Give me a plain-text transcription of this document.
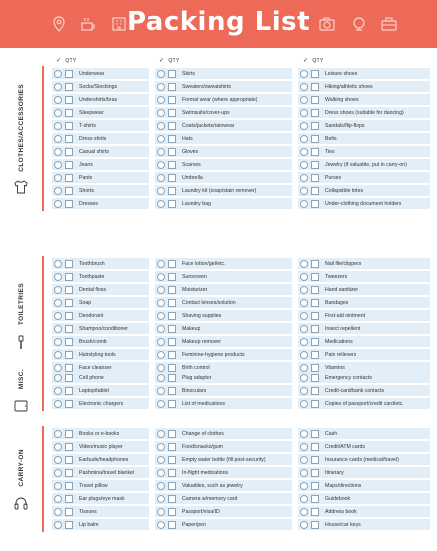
Packing List
✓ QTY	✓ QTY	✓ QTY
CLOTHES/ACCESSORIES
Underwear
Socks/Stockings
Undershirts/bras
Sleepwear
T-shirts
Dress shirts
Casual shirts
Jeans
Pants
Shorts
Dresses
Skirts
Sweaters/sweatshirts
Formal wear (where appropriate)
Swimsuits/cover-ups
Coats/jackets/rainwear
Hats
Gloves
Scarves
Umbrella
Laundry kit (soap/stain remover)
Laundry bag
Leisure shoes
Hiking/athletic shoes
Walking shoes
Dress shoes (suitable for dancing)
Sandals/flip-flops
Belts
Ties
Jewelry (if valuable, put in carry-on)
Purses
Collapsible totes
Under-clothing document holders
TOILETRIES
Toothbrush
Toothpaste
Dental floss
Soap
Deodorant
Shampoo/conditioner
Brush/comb
Hairstyling tools
Face cleanser
Face lotion/gel/etc.
Sunscreen
Moisturizer
Contact lenses/solution
Shaving supplies
Makeup
Makeup remover
Feminine-hygiene products
Birth control
Nail file/clippers
Tweezers
Hand sanitizer
Bandages
First-aid ointment
Insect repellent
Medications
Pain relievers
Vitamins
MISC.	Cell phone
Laptop/tablet
Electronic chargers
Plug adaptor
Binoculars
List of medications
Emergency contacts
Credit-card/bank contacts
Copies of passport/credit card/etc.
CARRY-ON
Books or e-books
Video/music player
Earbuds/headphones
Pashmina/travel blanket
Travel pillow
Ear plugs/eye mask
Tissues
Lip balm
Change of clothes
Food/snacks/gum
Empty water bottle (fill post-security)
In-flight medications
Valuables, such as jewelry
Camera w/memory card
Passport/visa/ID
Paper/pen
Cash
Credit/ATM cards
Insurance cards (medical/travel)
Itinerary
Maps/directions
Guidebook
Address book
House/car keys
